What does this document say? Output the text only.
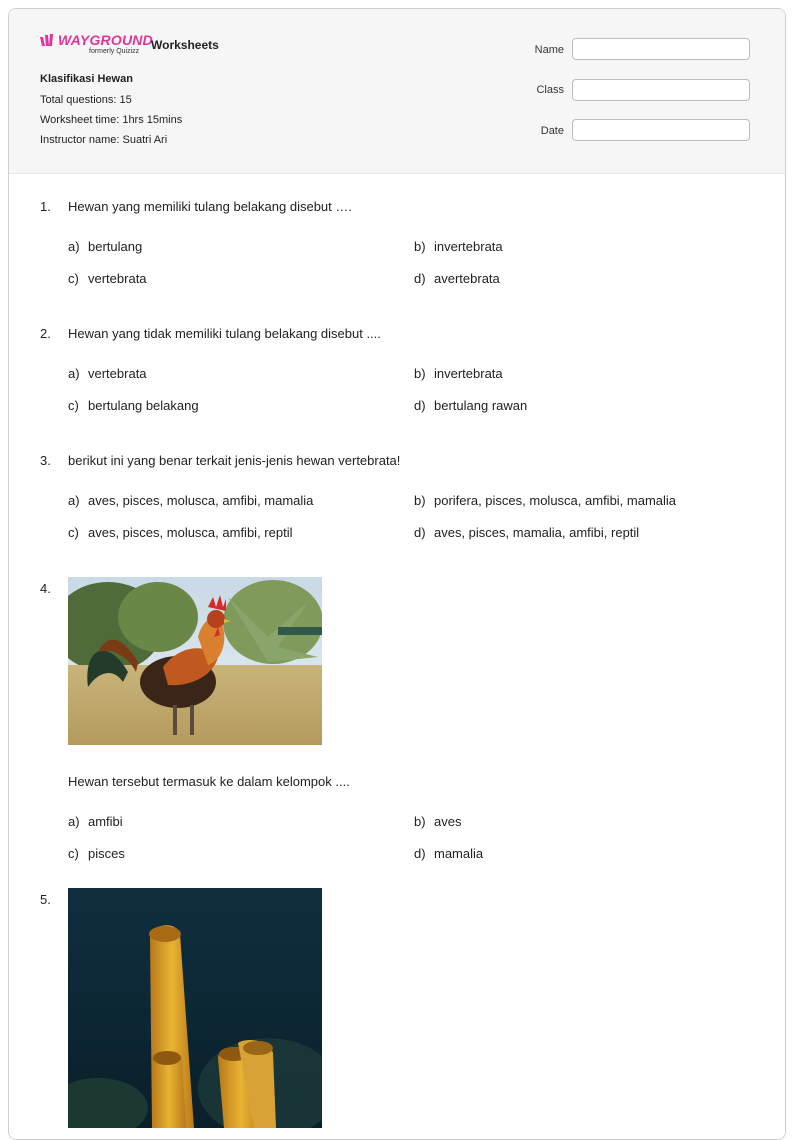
WAYGROUND
formerly Quizizz Worksheets
Klasifikasi Hewan
Total questions: 15
Worksheet time: 1hrs 15mins
Instructor name: Suatri Ari
Name
Class
Date
1. Hewan yang memiliki tulang belakang disebut ….
a) bertulang	b) invertebrata
c) vertebrata	d) avertebrata
2. Hewan yang tidak memiliki tulang belakang disebut ....
a) vertebrata	b) invertebrata
c) bertulang belakang	d) bertulang rawan
3. berikut ini yang benar terkait jenis-jenis hewan vertebrata!
a) aves, pisces, molusca, amfibi, mamalia	b) porifera, pisces, molusca, amfibi, mamalia
c) aves, pisces, molusca, amfibi, reptil	d) aves, pisces, mamalia, amfibi, reptil
4.
Hewan tersebut termasuk ke dalam kelompok ....
a) amfibi	b) aves
c) pisces	d) mamalia
5.
